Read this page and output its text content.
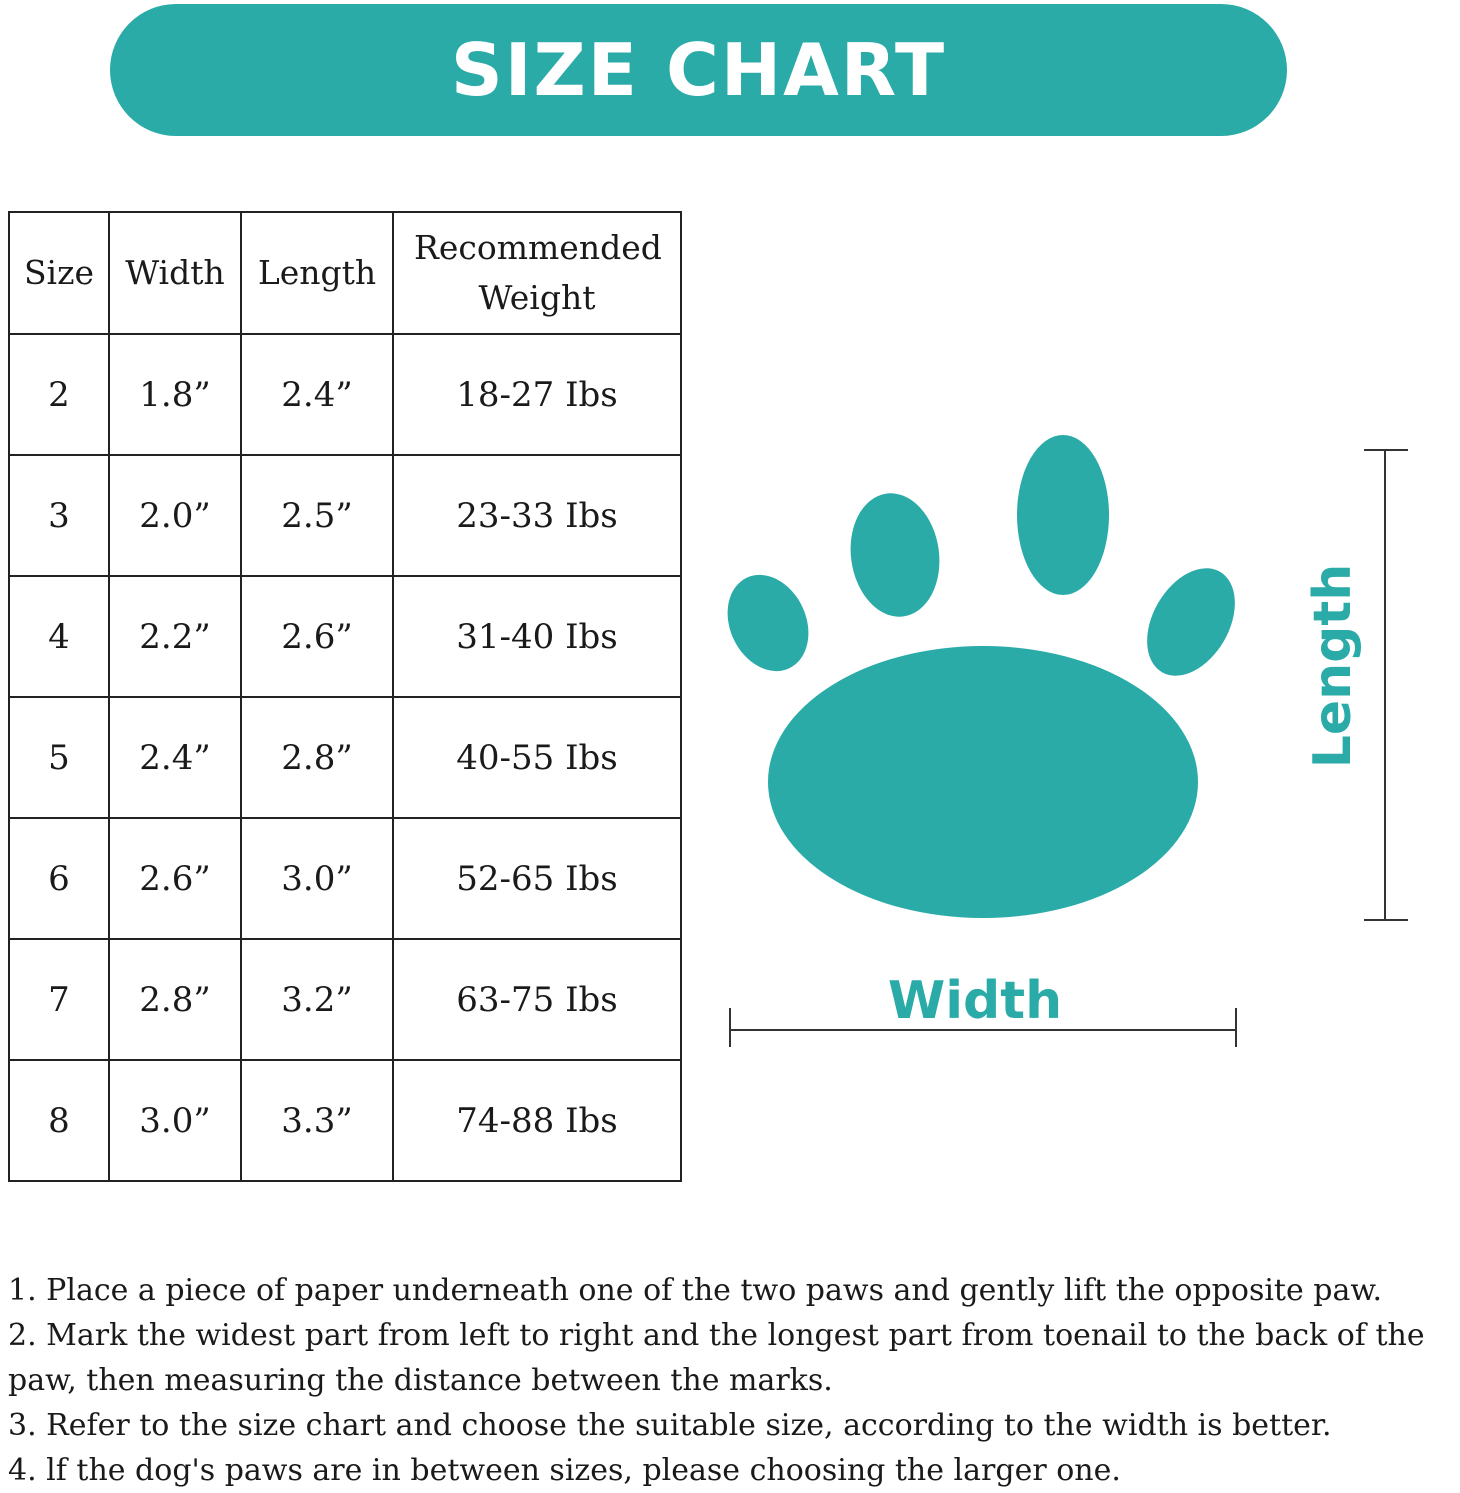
SIZE CHART
Size	Width	Length	Recommended Weight
2	1.8”	2.4”	18-27 Ibs
3	2.0”	2.5”	23-33 Ibs
4	2.2”	2.6”	31-40 Ibs
5	2.4”	2.8”	40-55 Ibs
6	2.6”	3.0”	52-65 Ibs
7	2.8”	3.2”	63-75 Ibs
8	3.0”	3.3”	74-88 Ibs
Width
Length

1. Place a piece of paper underneath one of the two paws and gently lift the opposite paw.

2. Mark the widest part from left to right and the longest part from toenail to the back of the paw, then measuring the distance between the marks.

3. Refer to the size chart and choose the suitable size, according to the width is better.

4. lf the dog's paws are in between sizes, please choosing the larger one.
